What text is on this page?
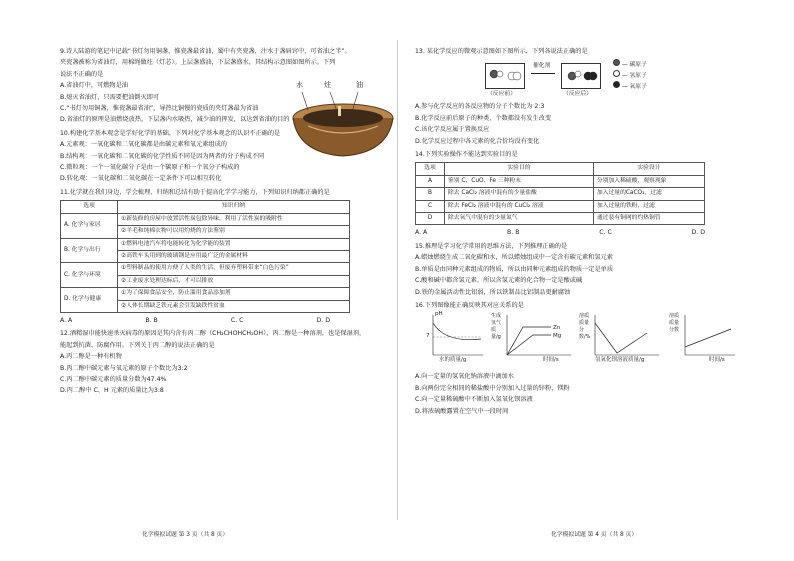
9.诗人陆游的笔记中记载“书灯勿用铜盏，惟瓷盏最省油，蜀中有夹瓷盏，注水于盏唇窍中，可省油之半”。
夹瓷盏被称为省油灯，用棉绳做炷（灯芯）。上层盏盛油，下层盏盛水，其结构示意图如图所示。下列
说法不正确的是
A.省油灯中，可燃物是油
B.熄灭省油灯，只需要把油倒灭即可
C.“书灯勿用铜盏，惟瓷盏最省油”，导热比铜慢的瓷质的夹灯盏最为省油
D.省油灯的原理是油燃烧放热，下层盏内水吸热，减少油的挥发，以达到省油的目的
10.构建化学基本观念是学好化学的基础，下列对化学基本观念的认识不正确的是
A.元素观：一氧化碳和二氧化碳都是由碳元素和氧元素组成的
B.结构观：一氧化碳和二氧化碳的化学性质不同是因为两者的分子构成不同
C.微粒观：一个一氧化碳分子是由一个碳原子和一个氧分子构成的
D.转化观：一氧化碳和二氧化碳在一定条件下可以相互转化
11.化学就在我们身边，学会梳理、归纳和总结有助于提高化学学习能力，下列知识归纳都正确的是
选项	知识归纳
A. 化学与家居	①新装修的房屋中放置活性炭包除异味，利用了活性炭的吸附性
	②羊毛和纯棉衣物可以用灼烧的方法鉴别
B. 化学与出行	①燃料电池汽车将电能转化为化学能的装置
	②高铁车头用到的玻璃钢是应用最广泛的金属材料
C. 化学与环境	①塑料制品的使用方便了人类的生活，但废弃塑料带来“白色污染”
	②工业废水处理达标后，才可以排放
D. 化学与健康	①为了保障食品安全，防止滥用食品添加剂
	②人体长期缺乏铁元素会引发缺铁性贫血
A. A	B. B	C. C	D. D
12.酒精湿巾能快速杀灭病毒的原因是其内含有丙二醇（CH₂CHOHCH₂OH），丙二醇是一种溶剂，也是保湿剂，
能起到抗菌、防腐作用。下列关于丙二醇的说法正确的是
A.丙二醇是一种有机物
B.丙二醇中碳元素与氧元素的原子个数比为3:2
C.丙二醇中碳元素的质量分数为47.4%
D.丙二醇中 C、H 元素的质量比为3:8
水	炷	油
化学模拟试题 第 3 页（共 8 页）
13. 某化学反应的微观示意图如下图所示，下列各说法正确的是
催化剂
（反应前）	（反应后）
— 碳原子
— 氢原子
— 氧原子
A.参与化学反应的各反应物的分子个数比为 2:3
B.化学反应前后原子的种类、个数都没有发生改变
C.该化学反应属于置换反应
D.化学反应过程中各元素的化合价均没有变化
14.下列实验操作不能达到实验目的是
选项	实验目的	实验设计
A	鉴别 C、CuO、Fe 三种粉末	分别加入稀硫酸，观察现象
B	除去 CaCl₂ 溶液中混有的少量盐酸	加入过量的CaCO₃，过滤
C	除去 FeCl₂ 溶液中混有的 CuCl₂ 溶液	加入过量的铁粉，过滤
D	除去氧气中混有的少量氮气	通过装有铜网的灼热铜管
A. A	B. B	C. C	D. D
15.推理是学习化学常用的思维方法，下列推理正确的是
A.蜡烛燃烧生成二氧化碳和水，所以蜡烛组成中一定含有碳元素和氢元素
B.单质是由同种元素组成的物质，所以由同种元素组成的物质一定是单质
C.酸和碱中都含氢元素，所以含氢元素的化合物一定是酸或碱
D.铁的金属活动性比铝弱，所以铁制品比铝制品更耐腐蚀
16.下列图像能正确反映其对应关系的是
pH
7
水的质量/g
生成氢气质量/g
Zn
Mg
时间/s
溶质质量分数/%
氢氧化钡溶液质量/g
溶质质量分数
时间/s
A.向一定量的氢氧化钠溶液中滴加水
B.向两份完全相同的稀盐酸中分别加入过量的锌粉、镁粉
C.向一定量稀硫酸中不断加入氢氧化钡溶液
D.将浓硫酸露置在空气中一段时间
化学模拟试题 第 4 页（共 8 页）
